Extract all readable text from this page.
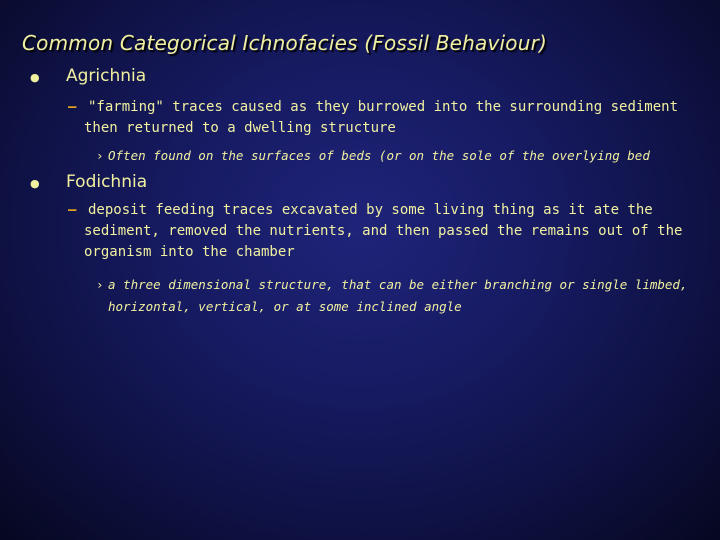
Common Categorical Ichnofacies (Fossil Behaviour)
● Agrichnia
– "farming" traces caused as they burrowed into the surrounding sediment then returned to a dwelling structure
› Often found on the surfaces of beds (or on the sole of the overlying bed
● Fodichnia
– deposit feeding traces excavated by some living thing as it ate the sediment, removed the nutrients, and then passed the remains out of the organism into the chamber
› a three dimensional structure, that can be either branching or single limbed, horizontal, vertical, or at some inclined angle
